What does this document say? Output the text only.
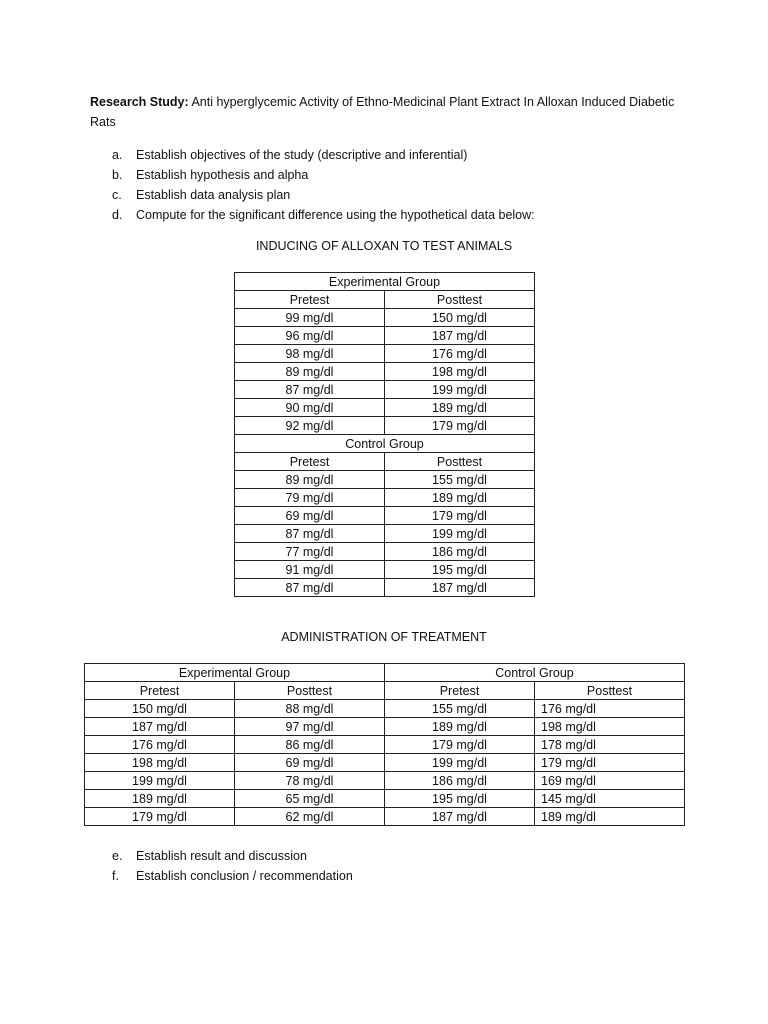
Research Study: Anti hyperglycemic Activity of Ethno-Medicinal Plant Extract In Alloxan Induced Diabetic Rats
a. Establish objectives of the study (descriptive and inferential)
b. Establish hypothesis and alpha
c. Establish data analysis plan
d. Compute for the significant difference using the hypothetical data below:
INDUCING OF ALLOXAN TO TEST ANIMALS
Experimental Group	
Pretest	Posttest
99 mg/dl	150 mg/dl
96 mg/dl	187 mg/dl
98 mg/dl	176 mg/dl
89 mg/dl	198 mg/dl
87 mg/dl	199 mg/dl
90 mg/dl	189 mg/dl
92 mg/dl	179 mg/dl
Control Group	
Pretest	Posttest
89 mg/dl	155 mg/dl
79 mg/dl	189 mg/dl
69 mg/dl	179 mg/dl
87 mg/dl	199 mg/dl
77 mg/dl	186 mg/dl
91 mg/dl	195 mg/dl
87 mg/dl	187 mg/dl
ADMINISTRATION OF TREATMENT
Experimental Group		Control Group	
Pretest	Posttest	Pretest	Posttest
150 mg/dl	88 mg/dl	155 mg/dl	176 mg/dl
187 mg/dl	97 mg/dl	189 mg/dl	198 mg/dl
176 mg/dl	86 mg/dl	179 mg/dl	178 mg/dl
198 mg/dl	69 mg/dl	199 mg/dl	179 mg/dl
199 mg/dl	78 mg/dl	186 mg/dl	169 mg/dl
189 mg/dl	65 mg/dl	195 mg/dl	145 mg/dl
179 mg/dl	62 mg/dl	187 mg/dl	189 mg/dl
e. Establish result and discussion
f. Establish conclusion / recommendation
